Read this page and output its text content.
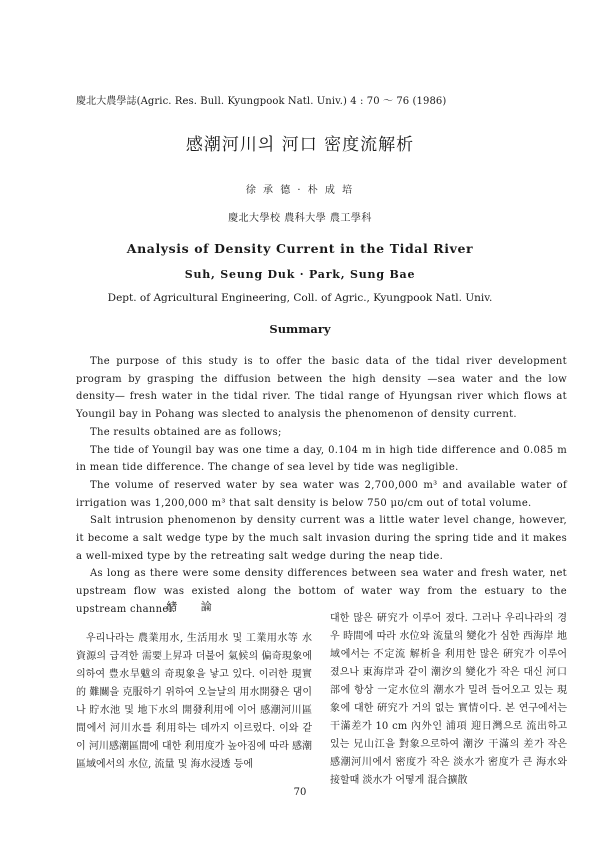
慶北大農學誌(Agric. Res. Bull. Kyungpook Natl. Univ.) 4 : 70 ～ 76 (1986)
感潮河川의 河口 密度流解析
徐 承 德 · 朴 成 培
慶北大學校 農科大學 農工學科
Analysis of Density Current in the Tidal River
Suh, Seung Duk · Park, Sung Bae
Dept. of Agricultural Engineering, Coll. of Agric., Kyungpook Natl. Univ.
Summary

The purpose of this study is to offer the basic data of the tidal river development program by grasping the diffusion between the high density —sea water and the low density— fresh water in the tidal river. The tidal range of Hyungsan river which flows at Youngil bay in Pohang was slected to analysis the phenomenon of density current.

The results obtained are as follows;

The tide of Youngil bay was one time a day, 0.104 m in high tide difference and 0.085 m in mean tide difference. The change of sea level by tide was negligible.

The volume of reserved water by sea water was 2,700,000 m³ and available water of irrigation was 1,200,000 m³ that salt density is below 750 μʊ/cm out of total volume.

Salt intrusion phenomenon by density current was a little water level change, however, it become a salt wedge type by the much salt invasion during the spring tide and it makes a well-mixed type by the retreating salt wedge during the neap tide.

As long as there were some density differences between sea water and fresh water, net upstream flow was existed along the bottom of water way from the estuary to the upstream channel.

緖 論
우리나라는 農業用水, 生活用水 및 工業用水等 水資源의 급격한 需要上昇과 더불어 氣候의 偏奇現象에 의하여 豊水旱魃의 奇現象을 낳고 있다. 이러한 現實的 難關을 克服하기 위하여 오늘날의 用水開發은 댐이나 貯水池 및 地下水의 開發利用에 이어 感潮河川區間에서 河川水를 利用하는 데까지 이르렀다. 이와 같이 河川感潮區間에 대한 利用度가 높아짐에 따라 感潮區域에서의 水位, 流量 및 海水浸透 등에
대한 많은 硏究가 이루어 졌다. 그러나 우리나라의 경우 時間에 따라 水位와 流量의 變化가 심한 西海岸 地域에서는 不定流 解析을 利用한 많은 硏究가 이루어 졌으나 東海岸과 같이 潮汐의 變化가 작은 대신 河口部에 항상 一定水位의 潮水가 밀려 들어오고 있는 現象에 대한 硏究가 거의 없는 實情이다. 본 연구에서는 干滿差가 10 cm 內外인 浦項 迎日灣으로 流出하고 있는 兄山江을 對象으로하여 潮汐 干滿의 差가 작은 感潮河川에서 密度가 작은 淡水가 密度가 큰 海水와 接할때 淡水가 어떻게 混合擴散
70
